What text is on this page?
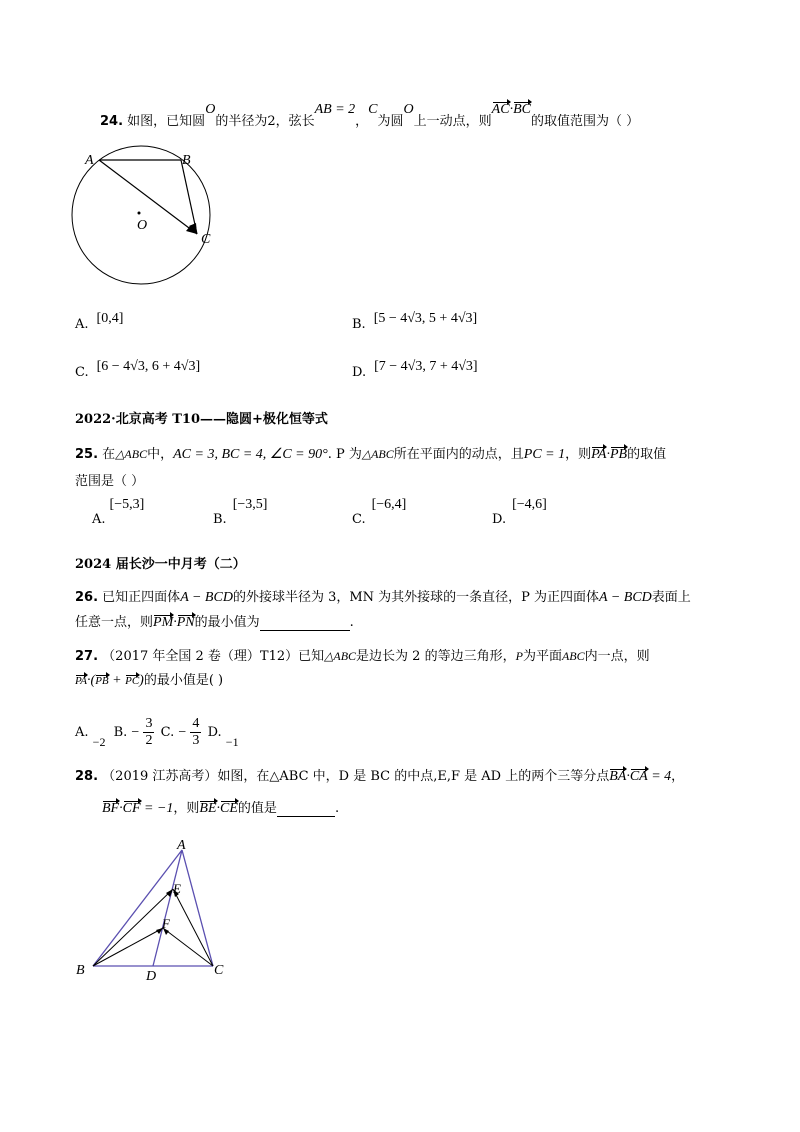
24. 如图，已知圆O的半径为2，弦长AB = 2，C为圆O上一动点，则AC·BC的取值范围为（ ）
A	B
O
C
A. [0,4]	B. [5 − 4√3, 5 + 4√3]
C. [6 − 4√3, 6 + 4√3]	D. [7 − 4√3, 7 + 4√3]
2022·北京高考 T10——隐圆+极化恒等式
25. 在△ABC中，AC = 3, BC = 4, ∠C = 90°. P 为△ABC所在平面内的动点，且PC = 1，则PA·PB的取值
范围是（ ）
A.[−5,3]
B.[−3,5]
C.[−6,4]
D.[−4,6]
2024 届长沙一中月考（二）
26. 已知正四面体A − BCD的外接球半径为 3，MN 为其外接球的一条直径，P 为正四面体A − BCD表面上
任意一点，则PM·PN的最小值为	.
27. （2017 年全国 2 卷（理）T12）已知△ABC是边长为 2 的等边三角形，P为平面ABC内一点，则
PA·(PB + PC)的最小值是( )
A. −2 B. − $\frac{3}{2} C$. − $\frac{4}{3} D$. −1
28. （2019 江苏高考）如图，在△ABC 中，D 是 BC 的中点,E,F 是 AD 上的两个三等分点BA·CA = 4，
BF·CF = −1，则BE·CE的值是	.
A
E
F
B	C
D
